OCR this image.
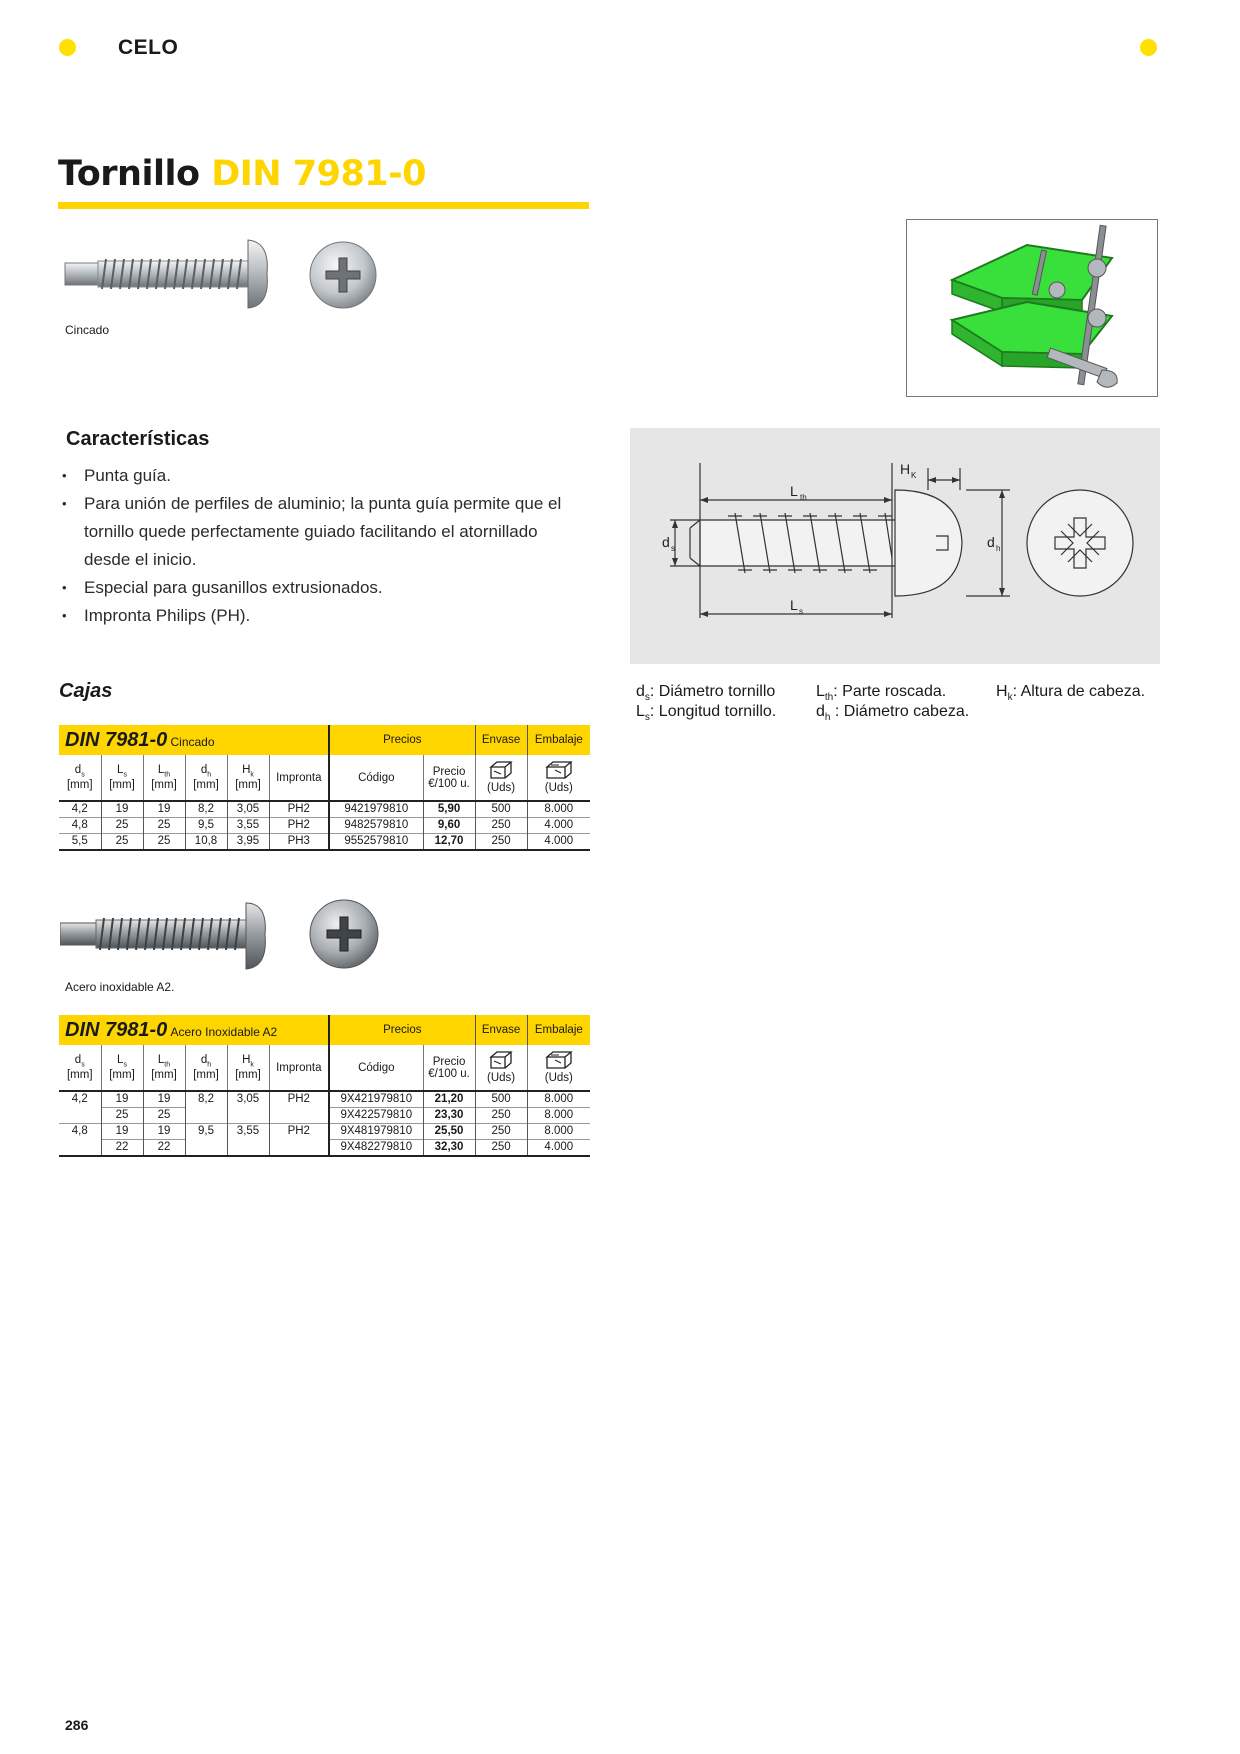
CELO
Tornillo DIN 7981-0
Cincado
L th
L s
d s	d h
H K
$d_s$: Diámetro tornillo
$L_s$: Longitud tornillo.
$L_{th}$: Parte roscada.
$d_h$ : Diámetro cabeza.
$H_k$: Altura de cabeza.
Características
• Punta guía.
• Para unión de perfiles de aluminio; la punta guía permite que el
tornillo quede perfectamente guiado facilitando el atornillado
desde el inicio.
• Especial para gusanillos extrusionados.
• Impronta Philips (PH).
Cajas
DIN 7981-0 Cincado						Precios		Envase	Embalaje
$d_s$
[mm]	$L_s$
[mm]	$L_{th}$
[mm]	$d_h$
[mm]	$H_k$
[mm]	Impronta	Código	Precio
€/100 u.	(Uds)	(Uds)
4,2	19	19	8,2	3,05	PH2	9421979810	5,90	500	8.000
4,8	25	25	9,5	3,55	PH2	9482579810	9,60	250	4.000
5,5	25	25	10,8	3,95	PH3	9552579810	12,70	250	4.000
Acero inoxidable A2.
DIN 7981-0 Acero Inoxidable A2						Precios		Envase	Embalaje
$d_s$
[mm]	$L_s$
[mm]	$L_{th}$
[mm]	$d_h$
[mm]	$H_k$
[mm]	Impronta	Código	Precio
€/100 u.	(Uds)	(Uds)
4,2	19	19	8,2	3,05	PH2	9X421979810	21,20	500	8.000
	25	25				9X422579810	23,30	250	8.000
4,8	19	19	9,5	3,55	PH2	9X481979810	25,50	250	8.000
	22	22				9X482279810	32,30	250	4.000
286
